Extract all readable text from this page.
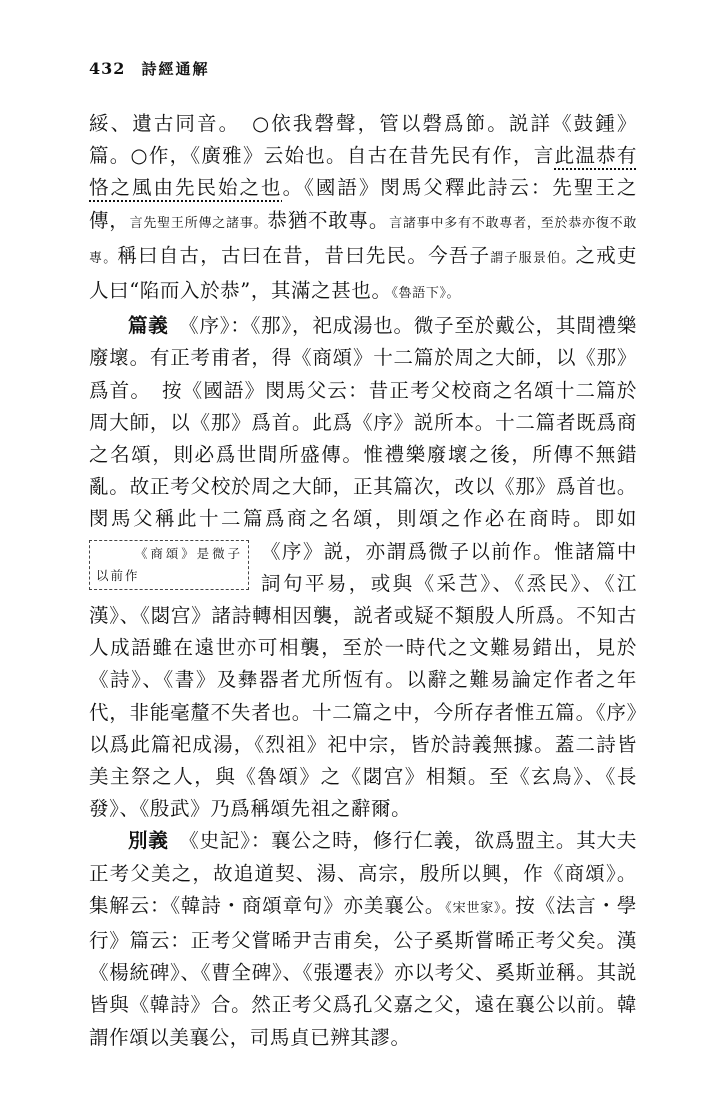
432 詩經通解

綏、遺古同音。　○依我磬聲，管以磬爲節。説詳《鼓鍾》篇。○作，《廣雅》云始也。自古在昔先民有作，言此温恭有恪之風由先民始之也。《國語》閔馬父釋此詩云：先聖王之傳，言先聖王所傳之諸事。恭猶不敢專。言諸事中多有不敢專者，至於恭亦復不敢專。稱曰自古，古曰在昔，昔曰先民。今吾子謂子服景伯。之戒吏人曰“陷而入於恭”，其滿之甚也。《魯語下》。

篇義　《序》：《那》，祀成湯也。微子至於戴公，其間禮樂廢壞。有正考甫者，得《商頌》十二篇於周之大師，以《那》爲首。　按《國語》閔馬父云：昔正考父校商之名頌十二篇於周大師，以《那》爲首。此爲《序》説所本。十二篇者既爲商之名頌，則必爲世間所盛傳。惟禮樂廢壞之後，所傳不無錯亂。故正考父校於周之大師，正其篇次，改以《那》爲首也。閔馬父稱此十二篇爲商之名頌，則頌之作必在商
《商頌》是微子以前作
時。即如《序》説，亦謂爲微子以前作。惟諸篇中詞句平易，或與《采芑》、《烝民》、《江漢》、《閟宫》諸詩轉相因襲，説者或疑不類殷人所爲。不知古人成語雖在遠世亦可相襲，至於一時代之文難易錯出，見於《詩》、《書》及彝器者尤所恆有。以辭之難易論定作者之年代，非能毫釐不失者也。十二篇之中，今所存者惟五篇。《序》以爲此篇祀成湯，《烈祖》祀中宗，皆於詩義無據。蓋二詩皆美主祭之人，與《魯頌》之《閟宫》相類。至《玄鳥》、《長發》、《殷武》乃爲稱頌先祖之辭爾。

別義　《史記》：襄公之時，修行仁義，欲爲盟主。其大夫正考父美之，故追道契、湯、高宗，殷所以興，作《商頌》。集解云：《韓詩・商頌章句》亦美襄公。《宋世家》。按《法言・學行》篇云：正考父嘗晞尹吉甫矣，公子奚斯嘗晞正考父矣。漢《楊統碑》、《曹全碑》、《張遷表》亦以考父、奚斯並稱。其説皆與《韓詩》合。然正考父爲孔父嘉之父，遠在襄公以前。韓謂作頌以美襄公，司馬貞已辨其謬。
